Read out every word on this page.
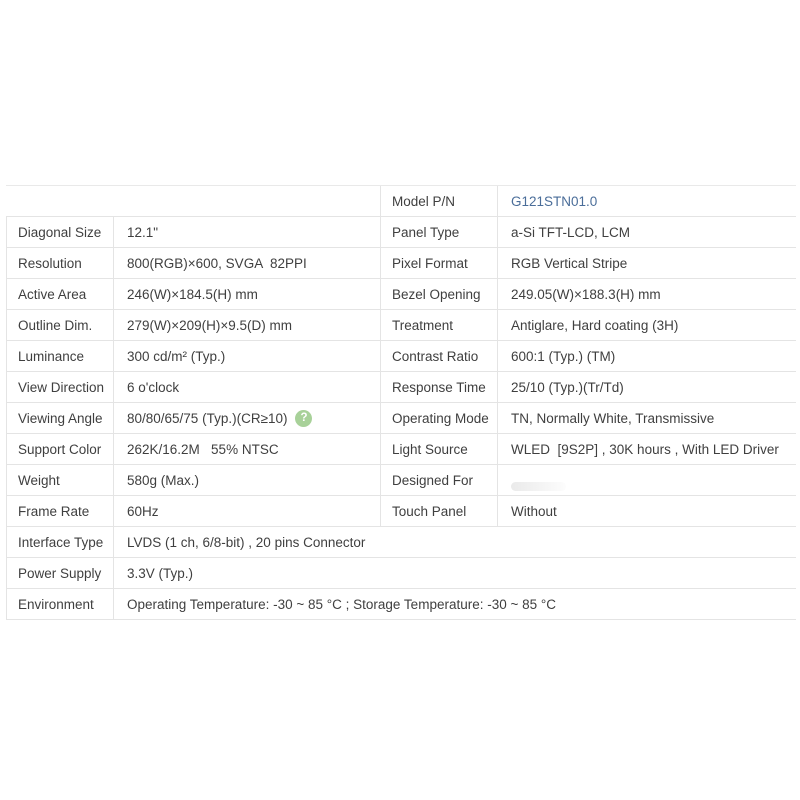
Model P/N	G121STN01.0
Diagonal Size	12.1"	Panel Type	a-Si TFT-LCD, LCM
Resolution	800(RGB)×600, SVGA  82PPI	Pixel Format	RGB Vertical Stripe
Active Area	246(W)×184.5(H) mm	Bezel Opening	249.05(W)×188.3(H) mm
Outline Dim.	279(W)×209(H)×9.5(D) mm	Treatment	Antiglare, Hard coating (3H)
Luminance	300 cd/m² (Typ.)	Contrast Ratio	600:1 (Typ.) (TM)
View Direction	6 o'clock	Response Time	25/10 (Typ.)(Tr/Td)
Viewing Angle	80/80/65/75 (Typ.)(CR≥10)	?	Operating Mode	TN, Normally White, Transmissive
Support Color	262K/16.2M   55% NTSC	Light Source	WLED  [9S2P] , 30K hours , With LED Driver
Weight	580g (Max.)	Designed For
Frame Rate	60Hz	Touch Panel	Without
Interface Type	LVDS (1 ch, 6/8-bit) , 20 pins Connector
Power Supply	3.3V (Typ.)
Environment	Operating Temperature: -30 ~ 85 °C ; Storage Temperature: -30 ~ 85 °C
